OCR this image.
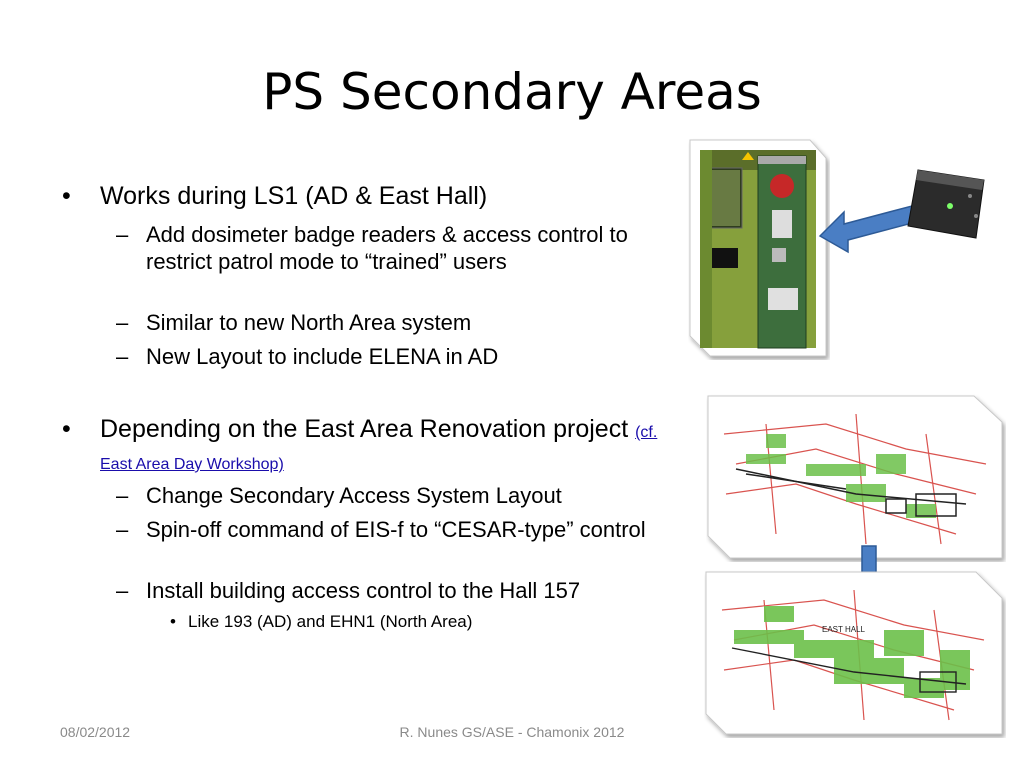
PS Secondary Areas
• Works during LS1 (AD & East Hall)
– Add dosimeter badge readers & access control to restrict patrol mode to “trained” users
– Similar to new North Area system
– New Layout to include ELENA in AD
• Depending on the East Area Renovation project (cf. East Area Day Workshop)
– Change Secondary Access System Layout
– Spin-off command of EIS-f to “CESAR-type” control
– Install building access control to the Hall 157
• Like 193 (AD) and EHN1 (North Area)	EAST HALL
08/02/2012	R. Nunes GS/ASE - Chamonix 2012
